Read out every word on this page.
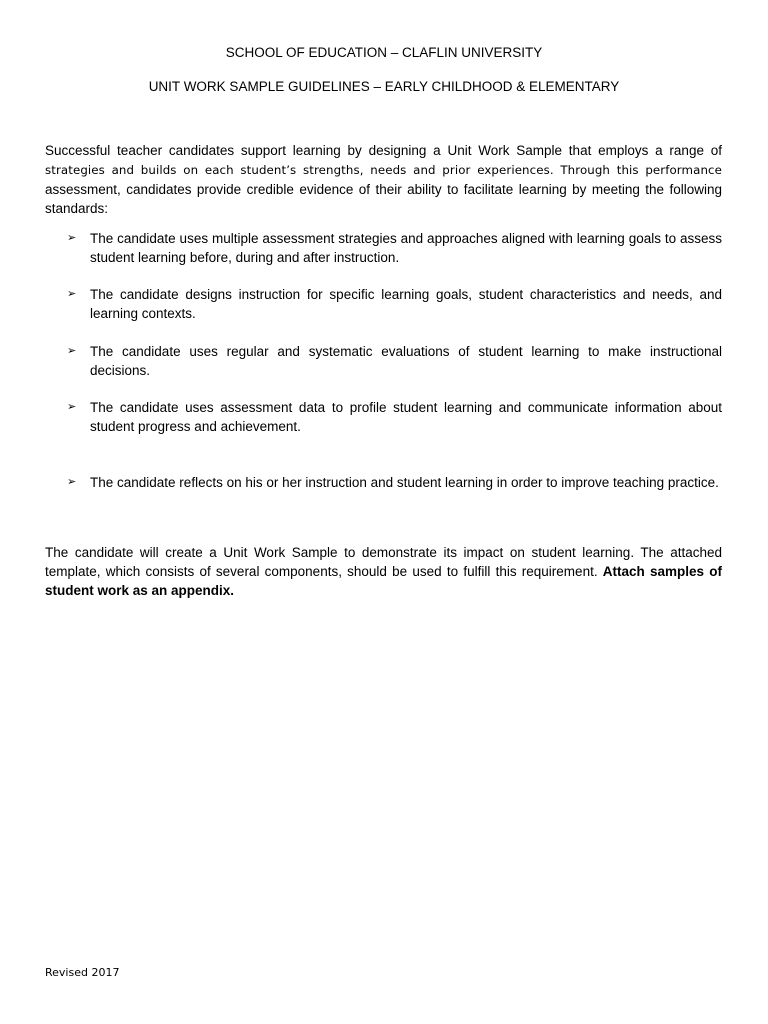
SCHOOL OF EDUCATION – CLAFLIN UNIVERSITY
UNIT WORK SAMPLE GUIDELINES – EARLY CHILDHOOD & ELEMENTARY
Successful teacher candidates support learning by designing a Unit Work Sample that employs a range of strategies and builds on each student’s strengths, needs and prior experiences. Through this performance assessment, candidates provide credible evidence of their ability to facilitate learning by meeting the following standards:
➢	The candidate uses multiple assessment strategies and approaches aligned with learning goals to assess student learning before, during and after instruction.
➢	The candidate designs instruction for specific learning goals, student characteristics and needs, and learning contexts.
➢	The candidate uses regular and systematic evaluations of student learning to make instructional decisions.
➢	The candidate uses assessment data to profile student learning and communicate information about student progress and achievement.
➢	The candidate reflects on his or her instruction and student learning in order to improve teaching practice.
The candidate will create a Unit Work Sample to demonstrate its impact on student learning. The attached template, which consists of several components, should be used to fulfill this requirement. Attach samples of student work as an appendix.
Revised 2017
